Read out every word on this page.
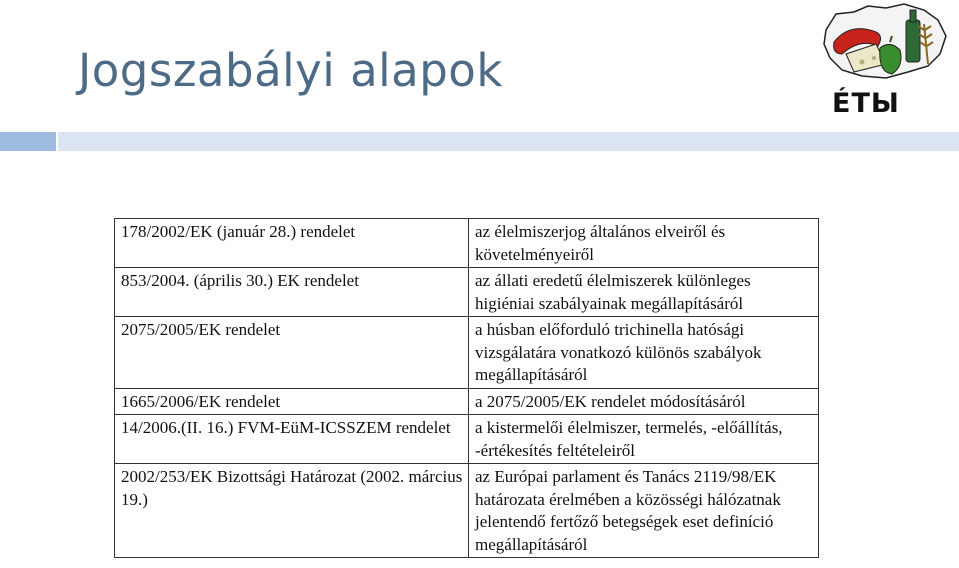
Jogszabályi alapok
ÉTЫ
178/2002/EK (január 28.) rendelet	az élelmiszerjog általános elveiről és követelményeiről
853/2004. (április 30.) EK rendelet	az állati eredetű élelmiszerek különleges higiéniai szabályainak megállapításáról
2075/2005/EK rendelet	a húsban előforduló trichinella hatósági vizsgálatára vonatkozó különös szabályok megállapításáról
1665/2006/EK rendelet	a 2075/2005/EK rendelet módosításáról
14/2006.(II. 16.) FVM-EüM-ICSSZEM rendelet	a kistermelői élelmiszer, termelés, -előállítás, -értékesítés feltételeiről
2002/253/EK Bizottsági Határozat (2002. március 19.)	az Európai parlament és Tanács 2119/98/EK határozata érelmében a közösségi hálózatnak jelentendő fertőző betegségek eset definíció megállapításáról
